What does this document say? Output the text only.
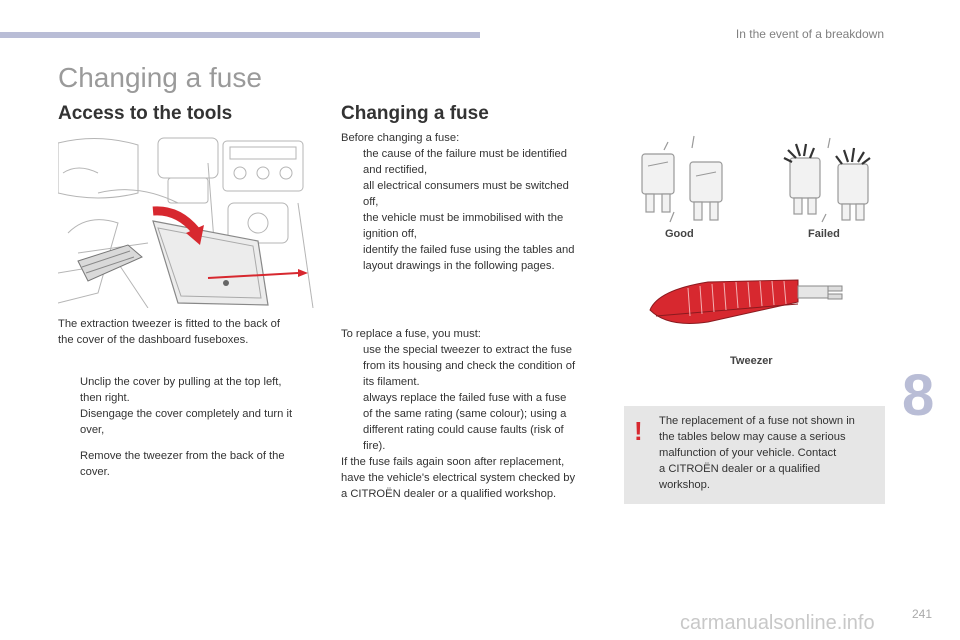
In the event of a breakdown
Changing a fuse
Access to the tools
The extraction tweezer is fitted to the back of
the cover of the dashboard fuseboxes.
Unclip the cover by pulling at the top left,
then right.
Disengage the cover completely and turn it
over,
Remove the tweezer from the back of the
cover.
Changing a fuse
Before changing a fuse:
the cause of the failure must be identified
and rectified,
all electrical consumers must be switched
off,
the vehicle must be immobilised with the
ignition off,
identify the failed fuse using the tables and
layout drawings in the following pages.
To replace a fuse, you must:
use the special tweezer to extract the fuse
from its housing and check the condition of
its filament.
always replace the failed fuse with a fuse
of the same rating (same colour); using a
different rating could cause faults (risk of
fire).
If the fuse fails again soon after replacement,
have the vehicle's electrical system checked by
a CITROËN dealer or a qualified workshop.
Good	Failed
Tweezer
! The replacement of a fuse not shown in
the tables below may cause a serious
malfunction of your vehicle. Contact
a CITROËN dealer or a qualified
workshop.
8
carmanualsonline.info	241
